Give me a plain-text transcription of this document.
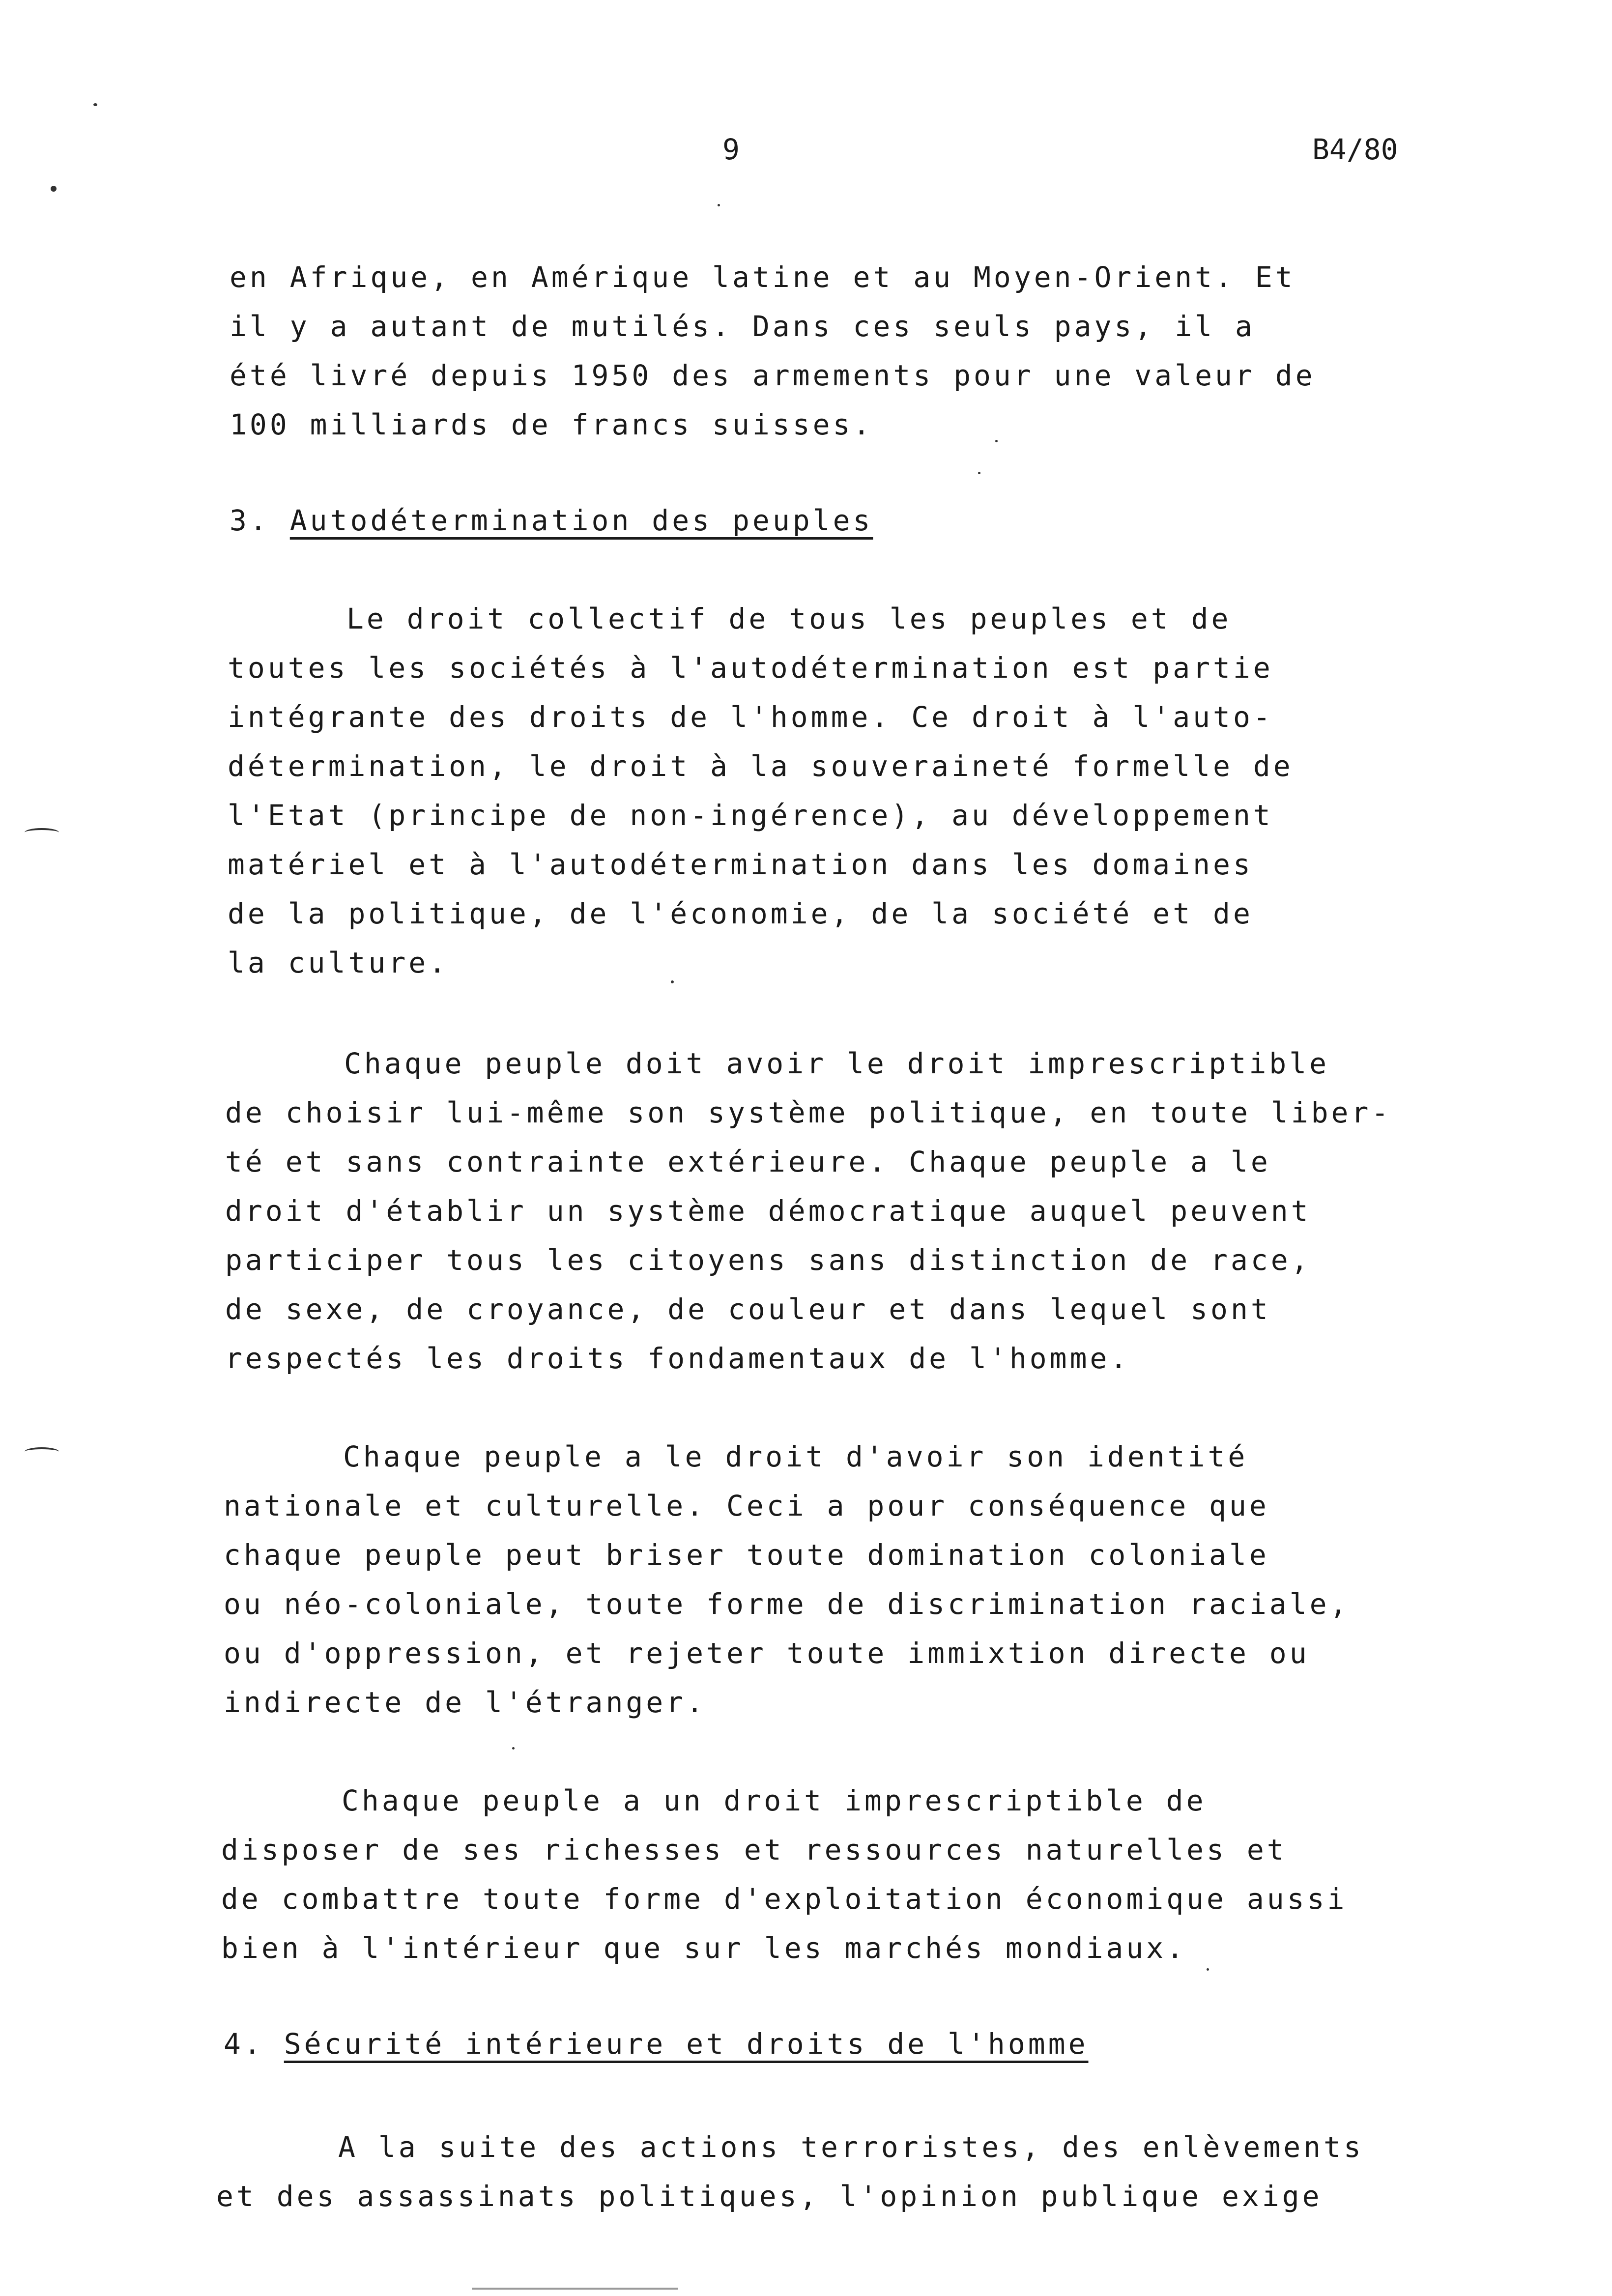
9	B4/80
en Afrique, en Amérique latine et au Moyen-Orient. Et
il y a autant de mutilés. Dans ces seuls pays, il a
été livré depuis 1950 des armements pour une valeur de
100 milliards de francs suisses.
3. Autodétermination des peuples
Le droit collectif de tous les peuples et de
toutes les sociétés à l'autodétermination est partie
intégrante des droits de l'homme. Ce droit à l'auto-
détermination, le droit à la souveraineté formelle de
l'Etat (principe de non-ingérence), au développement
matériel et à l'autodétermination dans les domaines
de la politique, de l'économie, de la société et de
la culture.
Chaque peuple doit avoir le droit imprescriptible
de choisir lui-même son système politique, en toute liber-
té et sans contrainte extérieure. Chaque peuple a le
droit d'établir un système démocratique auquel peuvent
participer tous les citoyens sans distinction de race,
de sexe, de croyance, de couleur et dans lequel sont
respectés les droits fondamentaux de l'homme.
Chaque peuple a le droit d'avoir son identité
nationale et culturelle. Ceci a pour conséquence que
chaque peuple peut briser toute domination coloniale
ou néo-coloniale, toute forme de discrimination raciale,
ou d'oppression, et rejeter toute immixtion directe ou
indirecte de l'étranger.
Chaque peuple a un droit imprescriptible de
disposer de ses richesses et ressources naturelles et
de combattre toute forme d'exploitation économique aussi
bien à l'intérieur que sur les marchés mondiaux.
4. Sécurité intérieure et droits de l'homme
A la suite des actions terroristes, des enlèvements
et des assassinats politiques, l'opinion publique exige
